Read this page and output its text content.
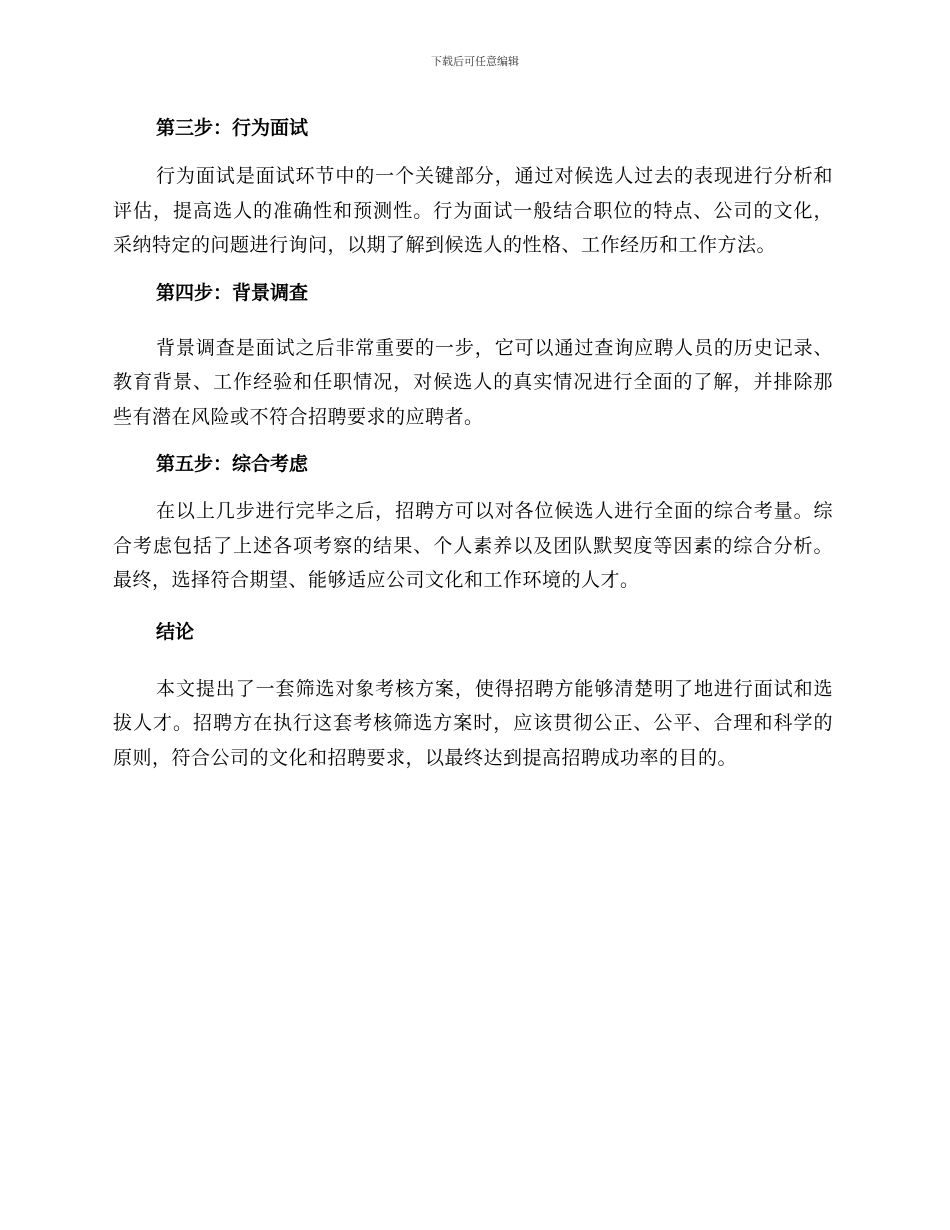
下载后可任意编辑
第三步：行为面试

行为面试是面试环节中的一个关键部分，通过对候选人过去的表现进行分析和评估，提高选人的准确性和预测性。行为面试一般结合职位的特点、公司的文化，采纳特定的问题进行询问，以期了解到候选人的性格、工作经历和工作方法。

第四步：背景调查

背景调查是面试之后非常重要的一步，它可以通过查询应聘人员的历史记录、教育背景、工作经验和任职情况，对候选人的真实情况进行全面的了解，并排除那些有潜在风险或不符合招聘要求的应聘者。

第五步：综合考虑

在以上几步进行完毕之后，招聘方可以对各位候选人进行全面的综合考量。综合考虑包括了上述各项考察的结果、个人素养以及团队默契度等因素的综合分析。最终，选择符合期望、能够适应公司文化和工作环境的人才。

结论

本文提出了一套筛选对象考核方案，使得招聘方能够清楚明了地进行面试和选拔人才。招聘方在执行这套考核筛选方案时，应该贯彻公正、公平、合理和科学的原则，符合公司的文化和招聘要求，以最终达到提高招聘成功率的目的。
